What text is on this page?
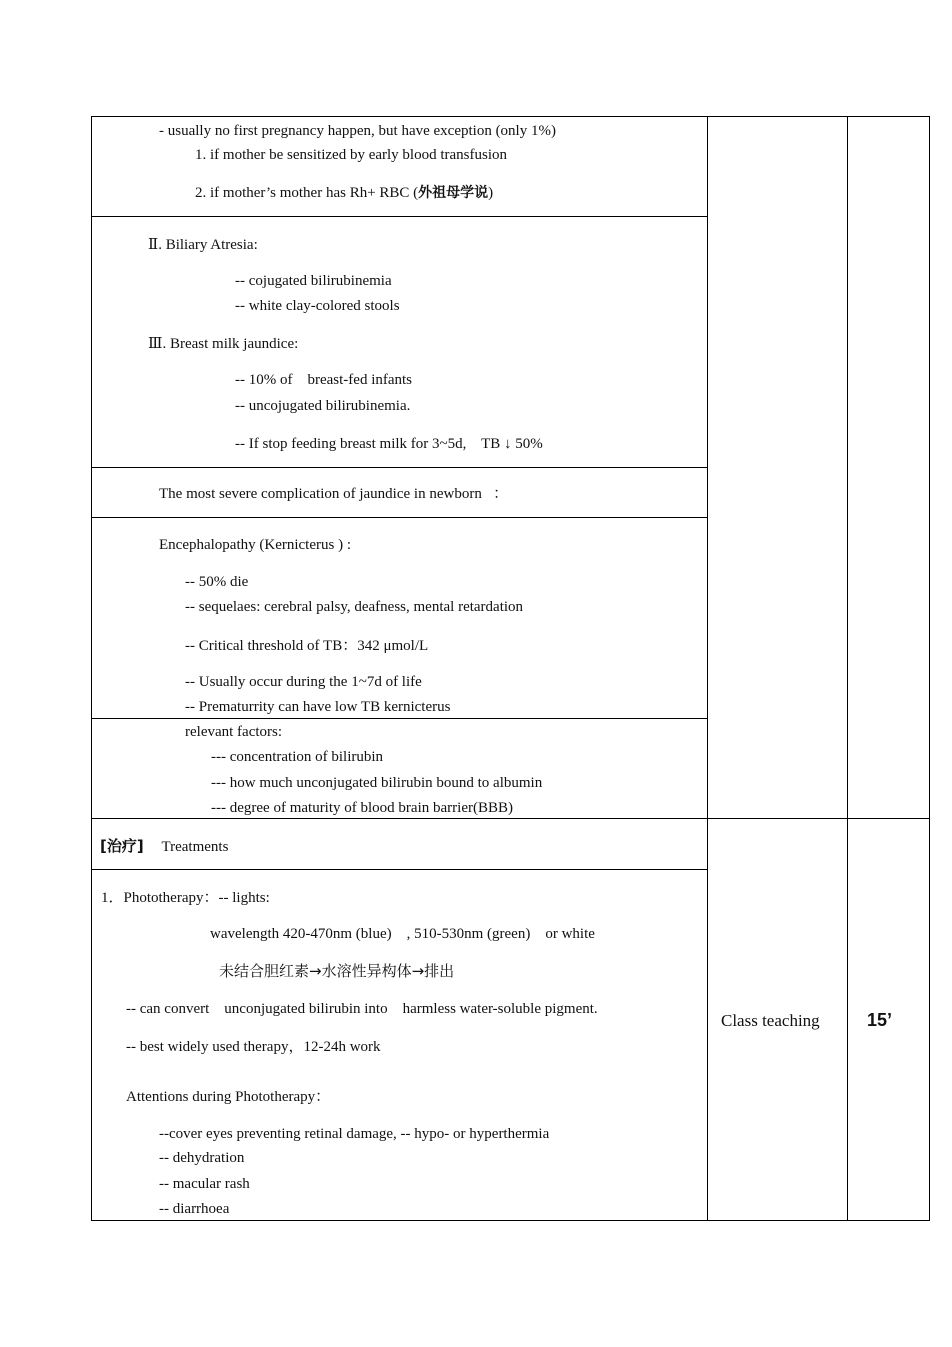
- usually no first pregnancy happen, but have exception (only 1%)
1. if mother be sensitized by early blood transfusion
2. if mother’s mother has Rh+ RBC (外祖母学说)
Ⅱ. Biliary Atresia:
-- cojugated bilirubinemia
-- white clay-colored stools
Ⅲ. Breast milk jaundice:
-- 10% of    breast-fed infants
-- uncojugated bilirubinemia.
-- If stop feeding breast milk for 3~5d,    TB ↓ 50%
The most severe complication of jaundice in newborn   ：
Encephalopathy (Kernicterus ) :
-- 50% die
-- sequelaes: cerebral palsy, deafness, mental retardation
-- Critical threshold of TB：342 μmol/L
-- Usually occur during the 1~7d of life
-- Prematurrity can have low TB kernicterus
relevant factors:
--- concentration of bilirubin
--- how much unconjugated bilirubin bound to albumin
--- degree of maturity of blood brain barrier(BBB)
[治疗] Treatments
1．Phototherapy：-- lights:
wavelength 420-470nm (blue)    , 510-530nm (green)    or white
未结合胆红素→水溶性异构体→排出
-- can convert    unconjugated bilirubin into    harmless water-soluble pigment.
-- best widely used therapy，12-24h work
Attentions during Phototherapy：
--cover eyes preventing retinal damage, -- hypo- or hyperthermia
-- dehydration
-- macular rash
-- diarrhoea
Class teaching	15’
